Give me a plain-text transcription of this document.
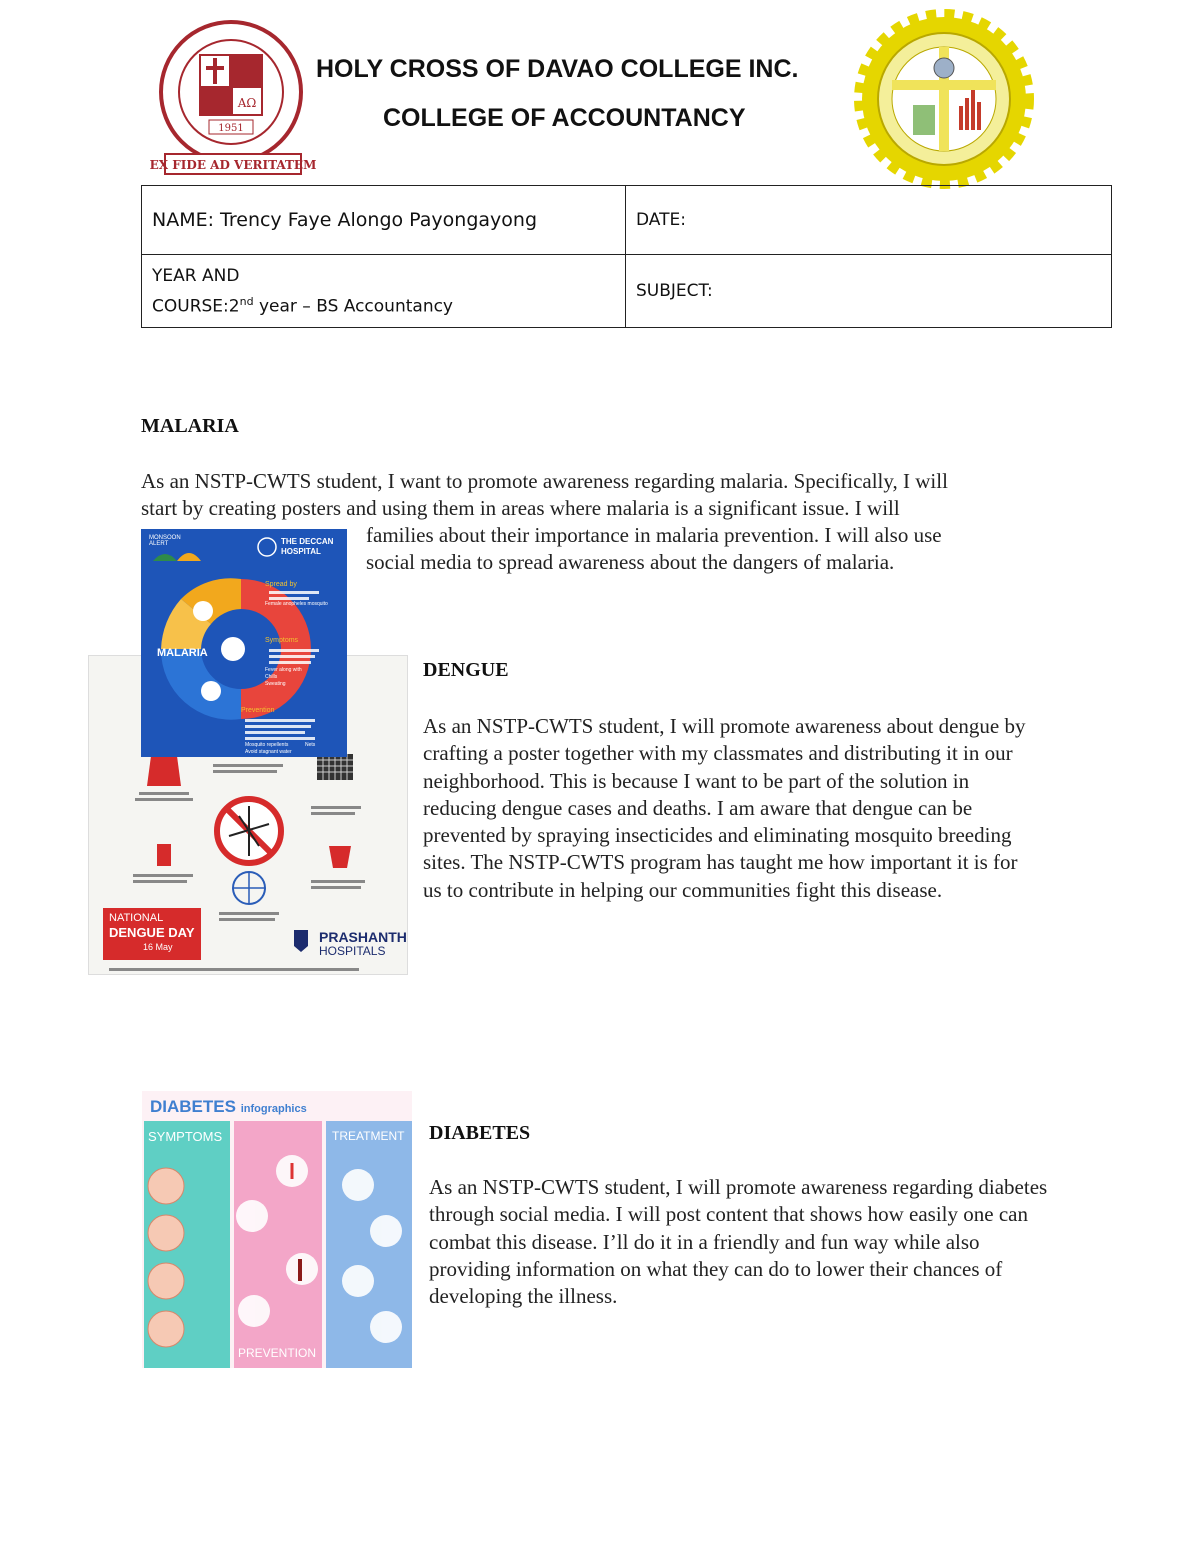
AΩ
1951
EX FIDE AD VERITATEM
HOLY CROSS OF DAVAO COLLEGE INC.
COLLEGE OF ACCOUNTANCY
NAME: Trency Faye Alongo Payongayong	DATE:

YEAR AND
COURSE:2nd year – BS Accountancy	SUBJECT:
MALARIA
As an NSTP-CWTS student, I want to promote awareness regarding malaria. Specifically, I will
start by creating posters and using them in areas where malaria is a significant issue. I will
families about their importance in malaria prevention. I will also use
social media to spread awareness about the dangers of malaria.
NATIONAL
DENGUE DAY
16 May
PRASHANTH
HOSPITALS
MONSOON ALERT	THE DECCAN HOSPITAL
MALARIA
Spread by
Symptoms
Prevention
Female anopheles mosquito
Fever along with
Chills
Sweating
Mosquito repellents	Nets
Avoid stagnant water
DENGUE
As an NSTP-CWTS student, I will promote awareness about dengue by crafting a poster together with my classmates and distributing it in our neighborhood. This is because I want to be part of the solution in reducing dengue cases and deaths. I am aware that dengue can be prevented by spraying insecticides and eliminating mosquito breeding sites. The NSTP-CWTS program has taught me how important it is for us to contribute in helping our communities fight this disease.
DIABETES infographics
SYMPTOMS	TREATMENT
PREVENTION
DIABETES
As an NSTP-CWTS student, I will promote awareness regarding diabetes through social media. I will post content that shows how easily one can combat this disease. I’ll do it in a friendly and fun way while also providing information on what they can do to lower their chances of developing the illness.
